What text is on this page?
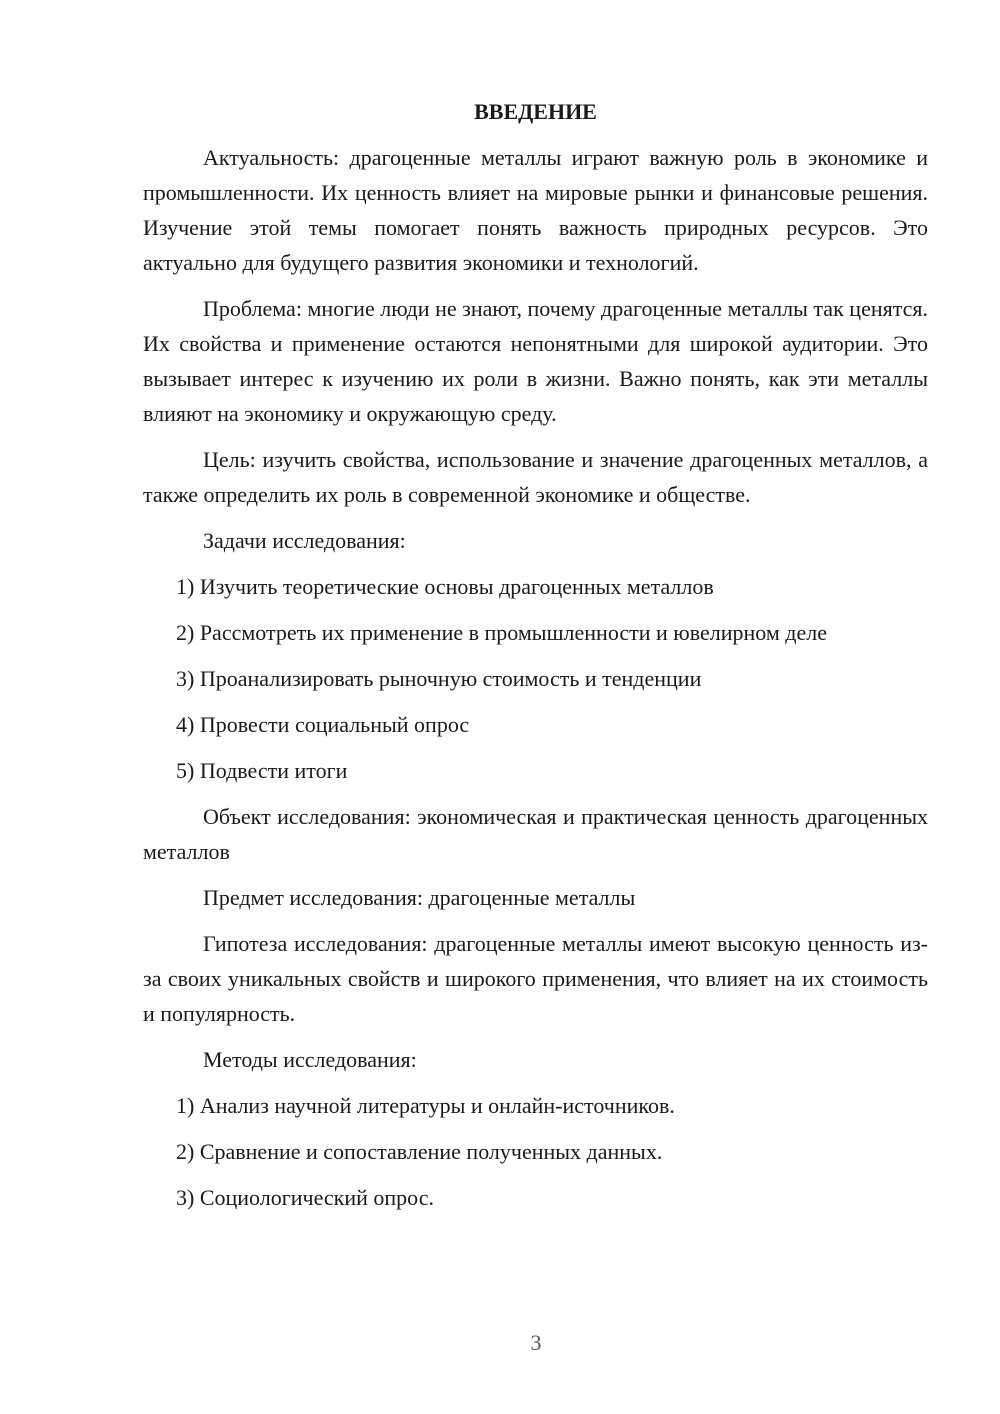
ВВЕДЕНИЕ

Актуальность: драгоценные металлы играют важную роль в экономике и промышленности. Их ценность влияет на мировые рынки и финансовые решения. Изучение этой темы помогает понять важность природных ресурсов. Это актуально для будущего развития экономики и технологий.

Проблема: многие люди не знают, почему драгоценные металлы так ценятся. Их свойства и применение остаются непонятными для широкой аудитории. Это вызывает интерес к изучению их роли в жизни. Важно понять, как эти металлы влияют на экономику и окружающую среду.

Цель: изучить свойства, использование и значение драгоценных металлов, а также определить их роль в современной экономике и обществе.

Задачи исследования:

1) Изучить теоретические основы драгоценных металлов
2) Рассмотреть их применение в промышленности и ювелирном деле
3) Проанализировать рыночную стоимость и тенденции
4) Провести социальный опрос
5) Подвести итоги

Объект исследования: экономическая и практическая ценность драгоценных металлов

Предмет исследования: драгоценные металлы

Гипотеза исследования: драгоценные металлы имеют высокую ценность из-за своих уникальных свойств и широкого применения, что влияет на их стоимость и популярность.

Методы исследования:

1) Анализ научной литературы и онлайн-источников.
2) Сравнение и сопоставление полученных данных.
3) Социологический опрос.
3
